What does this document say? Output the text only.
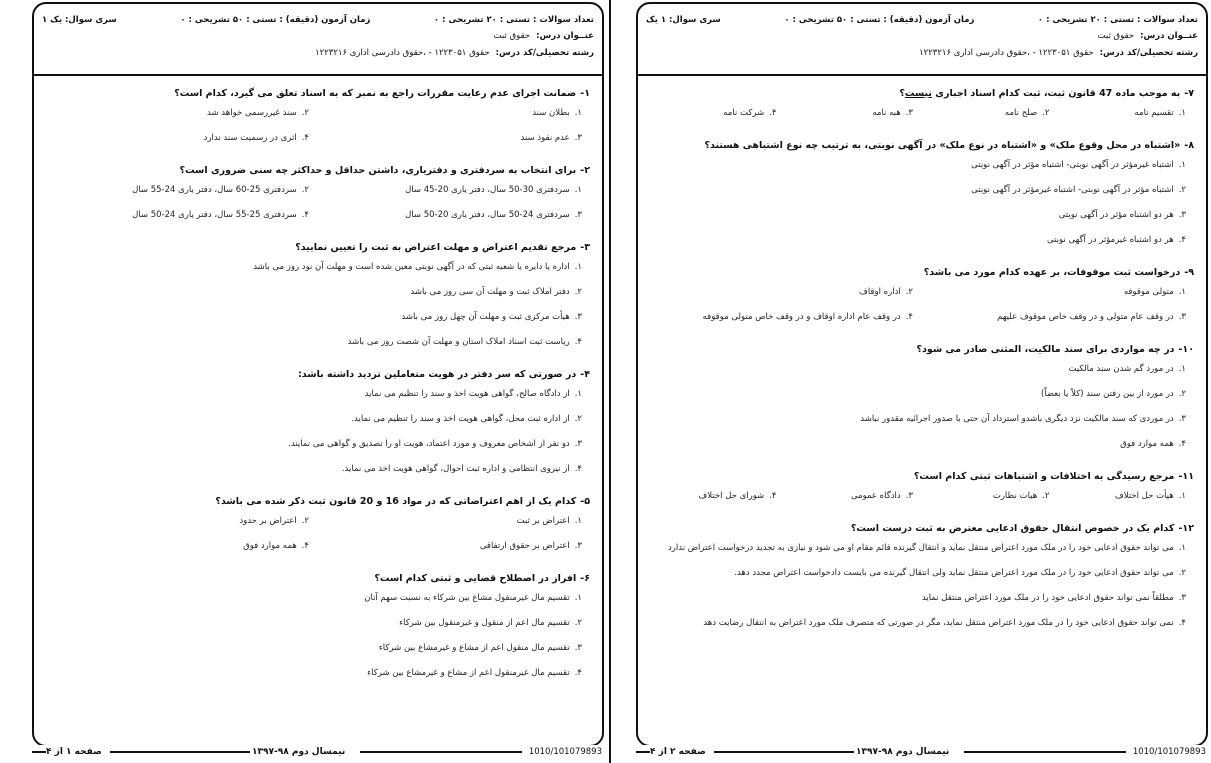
تعداد سوالات : تستی : ۲۰ تشریحی : ۰
زمان آزمون (دقیقه) : تستی : ۵۰ تشریحی : ۰
سری سوال: یک ۱
عنــوان درس:حقوق ثبت
رشته تحصیلی/کد درس:حقوق ۱۲۲۳۰۵۱ - ،حقوق دادرسی اداری ۱۲۲۳۲۱۶
۱-ضمانت اجرای عدم رعایت مقررات راجع به نمبر که به اسناد تعلق می گیرد، کدام است؟
۱.بطلان سند
۲.سند غیررسمی خواهد شد
۳.عدم نفوذ سند
۴.اثری در رسمیت سند ندارد
۲-برای انتخاب به سردفتری و دفتریاری، داشتن حداقل و حداکثر چه سنی ضروری است؟
۱.سردفتری 30-50 سال، دفتر یاری 20-45 سال
۲.سردفتری 25-60 سال، دفتر یاری 24-55 سال
۳.سردفتری 24-50 سال، دفتر یاری 20-50 سال
۴.سردفتری 25-55 سال، دفتر یاری 24-50 سال
۳-مرجع تقدیم اعتراض و مهلت اعتراض به ثبت را تعیین نمایید؟
۱.اداره یا دایره یا شعبه ثبتی که در آگهی نوبتی معین شده است و مهلت آن نود روز می باشد
۲.دفتر املاک ثبت و مهلت آن سی روز می باشد
۳.هیأت مرکزی ثبت و مهلت آن چهل روز می باشد
۴.ریاست ثبت اسناد املاک استان و مهلت آن شصت روز می باشد
۴-در صورتی که سر دفتر در هویت متعاملین تردید داشته باشد:
۱.از دادگاه صالح، گواهی هویت اخذ و سند را تنظیم می نماید
۲.از اداره ثبت محل، گواهی هویت اخذ و سند را تنظیم می نماید.
۳.دو نفر از اشخاص معروف و مورد اعتماد، هویت او را تصدیق و گواهی می نمایند.
۴.از نیروی انتظامی و اداره ثبت احوال، گواهی هویت اخذ می نماید.
۵-کدام یک از اهم اعتراضاتی که در مواد 16 و 20 قانون ثبت ذکر شده می باشد؟
۱.اعتراض بر ثبت
۲.اعتراض بر حدود
۳.اعتراض بر حقوق ارتفاقی
۴.همه موارد فوق
۶-افراز در اصطلاح قضایی و ثبتی کدام است؟
۱.تقسیم مال غیرمنقول مشاع بین شرکاء به نسبت سهم آنان
۲.تقسیم مال اعم از منقول و غیرمنقول بین شرکاء
۳.تقسیم مال منقول اعم از مشاع و غیرمشاع بین شرکاء
۴.تقسیم مال غیرمنقول اعم از مشاع و غیرمشاع بین شرکاء
صفحه ۱ از ۴	نیمسال دوم ۹۸-۱۳۹۷	1010/101079893
تعداد سوالات : تستی : ۲۰ تشریحی : ۰
زمان آزمون (دقیقه) : تستی : ۵۰ تشریحی : ۰
سری سوال: ۱ یک
عنــوان درس:حقوق ثبت
رشته تحصیلی/کد درس:حقوق ۱۲۲۳۰۵۱ - ،حقوق دادرسی اداری ۱۲۲۳۲۱۶
۷-به موجب ماده 47 قانون ثبت، ثبت کدام اسناد اجباری نیست؟
۱.تقسیم نامه
۲.صلح نامه
۳.هبه نامه
۴.شرکت نامه
۸-«اشتباه در محل وقوع ملک» و «اشتباه در نوع ملک» در آگهی نوبتی، به ترتیب چه نوع اشتباهی هستند؟
۱.اشتباه غیرمؤثر در آگهی نوبتی- اشتباه مؤثر در آگهی نوبتی
۲.اشتباه مؤثر در آگهی نوبتی- اشتباه غیرمؤثر در آگهی نوبتی
۳.هر دو اشتباه مؤثر در آگهی نوبتی
۴.هر دو اشتباه غیرمؤثر در آگهی نوبتی
۹-درخواست ثبت موقوفات، بر عهده کدام مورد می باشد؟
۱.متولی موقوفه
۲.اداره اوقاف
۳.در وقف عام متولی و در وقف خاص موقوف علیهم
۴.در وقف عام اداره اوقاف و در وقف خاص متولی موقوفه
۱۰-در چه مواردی برای سند مالکیت، المثنی صادر می شود؟
۱.در مورد گم شدن سند مالکیت
۲.در مورد از بین رفتن سند (کلاً یا بعضاً)
۳.در موردی که سند مالکیت نزد دیگری باشدو استرداد آن حتی با صدور اجرائیه مقدور نباشد
۴.همه موارد فوق
۱۱-مرجع رسیدگی به اختلافات و اشتباهات ثبتی کدام است؟
۱.هیأت حل اختلاف
۲.هیات نظارت
۳.دادگاه عمومی
۴.شورای حل اختلاف
۱۲-کدام یک در خصوص انتقال حقوق ادعایی معترض به ثبت درست است؟
۱.می تواند حقوق ادعایی خود را در ملک مورد اعتراض منتقل نماید و انتقال گیرنده قائم مقام او می شود و نیازی به تجدید درخواست اعتراض ندارد
۲.می تواند حقوق ادعایی خود را در ملک مورد اعتراض منتقل نماید ولی انتقال گیرنده می بایست دادخواست اعتراض مجدد دهد.
۳.مطلقاً نمی تواند حقوق ادعایی خود را در ملک مورد اعتراض منتقل نماید
۴.نمی تواند حقوق ادعایی خود را در ملک مورد اعتراض منتقل نماید، مگر در صورتی که متصرف ملک مورد اعتراض به انتقال رضایت دهد
صفحه ۲ از ۴	نیمسال دوم ۹۸-۱۳۹۷	1010/101079893
